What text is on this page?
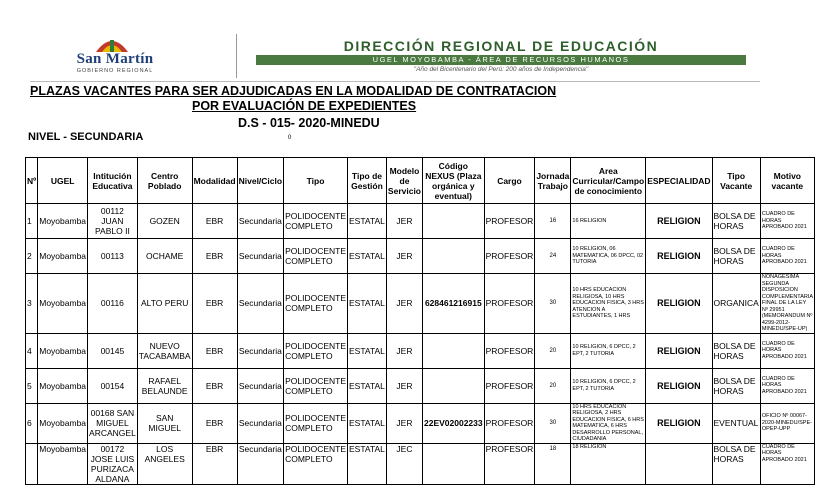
San Martín
GOBIERNO REGIONAL
DIRECCIÓN REGIONAL DE EDUCACIÓN
UGEL MOYOBAMBA - ÁREA DE RECURSOS HUMANOS
"Año del Bicentenario del Perú: 200 años de Independencia"
PLAZAS VACANTES PARA SER ADJUDICADAS EN LA MODALIDAD DE CONTRATACION
POR EVALUACIÓN DE EXPEDIENTES
D.S - 015- 2020-MINEDU
NIVEL - SECUNDARIA	0
Nº	UGEL	Intitución Educativa	Centro Poblado	Modalidad	Nivel/Ciclo	Tipo	Tipo de Gestión	Modelo de Servicio	Código NEXUS (Plaza orgánica y eventual)	Cargo	Jornada Trabajo	Area Curricular/Campo de conocimiento	ESPECIALIDAD	Tipo Vacante	Motivo vacante
1	Moyobamba	00112 JUAN PABLO II	GOZEN	EBR	Secundaria	POLIDOCENTE COMPLETO	ESTATAL	JER		PROFESOR	16	16 RELIGION	RELIGION	BOLSA DE HORAS	CUADRO DE HORAS APROBADO 2021
2	Moyobamba	00113	OCHAME	EBR	Secundaria	POLIDOCENTE COMPLETO	ESTATAL	JER		PROFESOR	24	10 RELIGION, 06 MATEMATICA, 06 DPCC, 02 TUTORIA	RELIGION	BOLSA DE HORAS	CUADRO DE HORAS APROBADO 2021
3	Moyobamba	00116	ALTO PERU	EBR	Secundaria	POLIDOCENTE COMPLETO	ESTATAL	JER	628461216915	PROFESOR	30	10 HRS EDUCACION RELIGIOSA, 10 HRS EDUCACION FISICA, 3 HRS ATENCION A ESTUDIANTES, 1 HRS	RELIGION	ORGANICA	NONAGESIMA SEGUNDA DISPOSICION COMPLEMENTARIA FINAL DE LA LEY Nº 29951 (MEMORANDUM Nº 4299-2012-MINEDU/SPE-UP)
4	Moyobamba	00145	NUEVO TACABAMBA	EBR	Secundaria	POLIDOCENTE COMPLETO	ESTATAL	JER		PROFESOR	20	10 RELIGION, 6 DPCC, 2 EPT, 2 TUTORIA	RELIGION	BOLSA DE HORAS	CUADRO DE HORAS APROBADO 2021
5	Moyobamba	00154	RAFAEL BELAUNDE	EBR	Secundaria	POLIDOCENTE COMPLETO	ESTATAL	JER		PROFESOR	20	10 RELIGION, 6 DPCC, 2 EPT, 2 TUTORIA	RELIGION	BOLSA DE HORAS	CUADRO DE HORAS APROBADO 2021
6	Moyobamba	00168 SAN MIGUEL ARCANGEL	SAN MIGUEL	EBR	Secundaria	POLIDOCENTE COMPLETO	ESTATAL	JER	22EV02002233	PROFESOR	30	10 HRS EDUCACION RELIGIOSA, 2 HRS EDUCACION FISICA, 6 HRS MATEMATICA, 6 HRS DESARROLLO PERSONAL, CIUDADANIA	RELIGION	EVENTUAL	OFICIO Nº 00067-2020-MINEDU/SPE-OPEP-UPP
	Moyobamba	00172 JOSE LUIS PURIZACA ALDANA	LOS ANGELES	EBR	Secundaria	POLIDOCENTE COMPLETO	ESTATAL	JEC		PROFESOR	18	18 RELIGION		BOLSA DE HORAS	CUADRO DE HORAS APROBADO 2021
